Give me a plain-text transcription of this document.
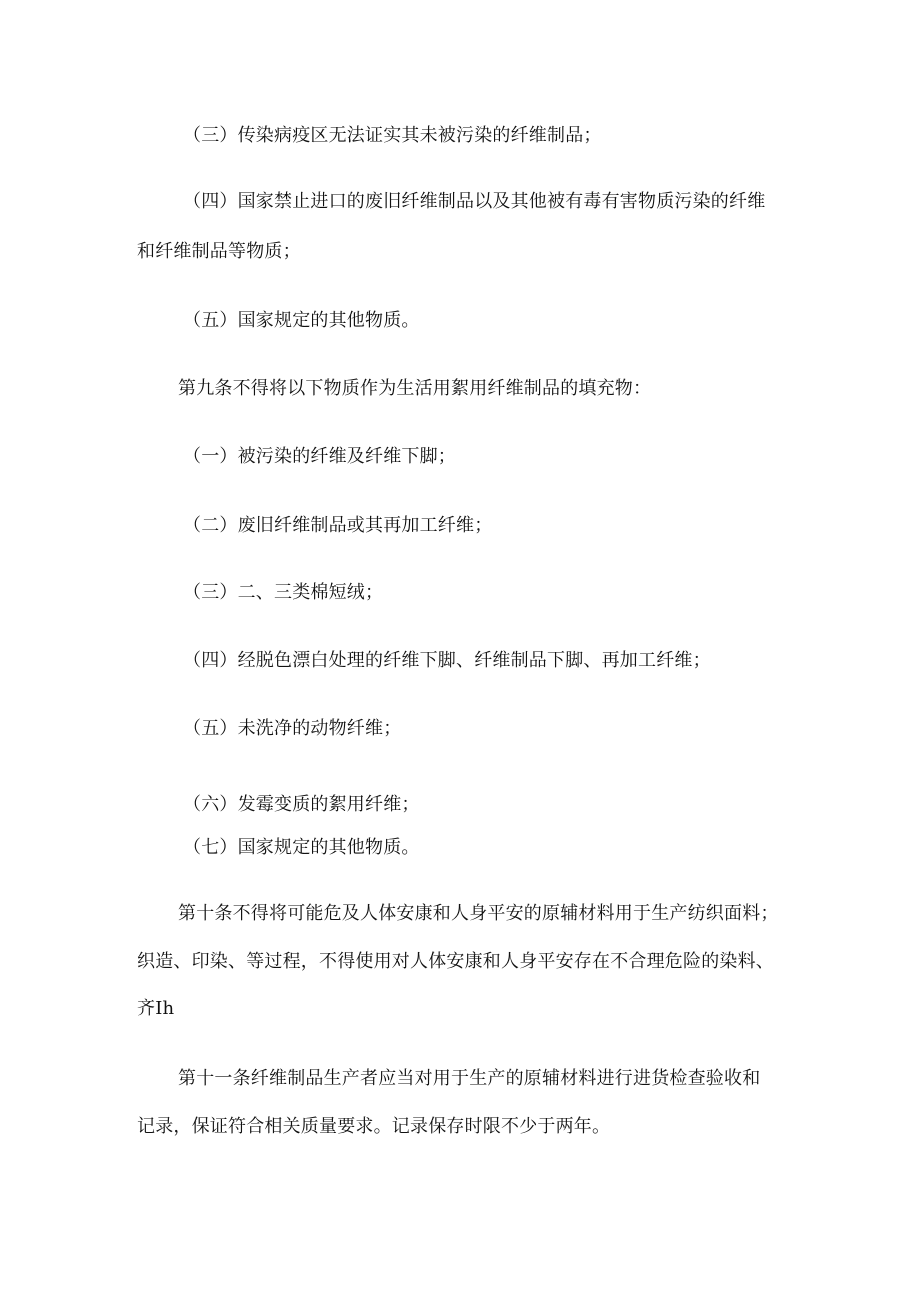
（三）传染病疫区无法证实其未被污染的纤维制品；
（四）国家禁止进口的废旧纤维制品以及其他被有毒有害物质污染的纤维
和纤维制品等物质；
（五）国家规定的其他物质。
第九条不得将以下物质作为生活用絮用纤维制品的填充物：
（一）被污染的纤维及纤维下脚；
（二）废旧纤维制品或其再加工纤维；
（三）二、三类棉短绒；
（四）经脱色漂白处理的纤维下脚、纤维制品下脚、再加工纤维；
（五）未洗净的动物纤维；
（六）发霉变质的絮用纤维；
（七）国家规定的其他物质。
第十条不得将可能危及人体安康和人身平安的原辅材料用于生产纺织面料；
织造、印染、等过程，不得使用对人体安康和人身平安存在不合理危险的染料、
齐Ih
第十一条纤维制品生产者应当对用于生产的原辅材料进行进货检查验收和
记录，保证符合相关质量要求。记录保存时限不少于两年。
